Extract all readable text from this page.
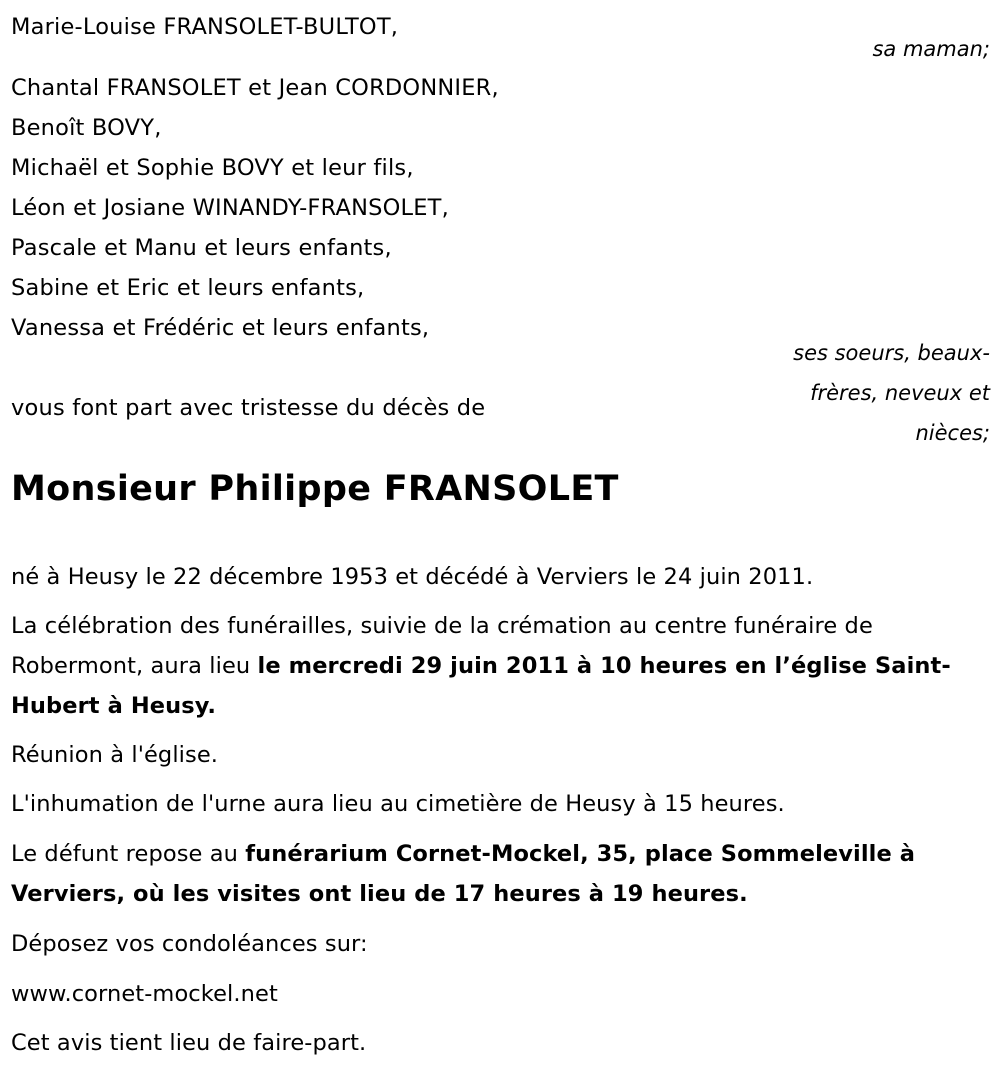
Marie-Louise FRANSOLET-BULTOT,
sa maman;
Chantal FRANSOLET et Jean CORDONNIER,
Benoît BOVY,
Michaël et Sophie BOVY et leur fils,
Léon et Josiane WINANDY-FRANSOLET,
Pascale et Manu et leurs enfants,
Sabine et Eric et leurs enfants,
Vanessa et Frédéric et leurs enfants,
ses soeurs, beaux-
frères, neveux et
nièces;
vous font part avec tristesse du décès de
Monsieur Philippe FRANSOLET
né à Heusy le 22 décembre 1953 et décédé à Verviers le 24 juin 2011.
La célébration des funérailles, suivie de la crémation au centre funéraire de Robermont, aura lieu le mercredi 29 juin 2011 à 10 heures en l’église Saint-Hubert à Heusy.
Réunion à l'église.
L'inhumation de l'urne aura lieu au cimetière de Heusy à 15 heures.
Le défunt repose au funérarium Cornet-Mockel, 35, place Sommeleville à Verviers, où les visites ont lieu de 17 heures à 19 heures.
Déposez vos condoléances sur:
www.cornet-mockel.net
Cet avis tient lieu de faire-part.
